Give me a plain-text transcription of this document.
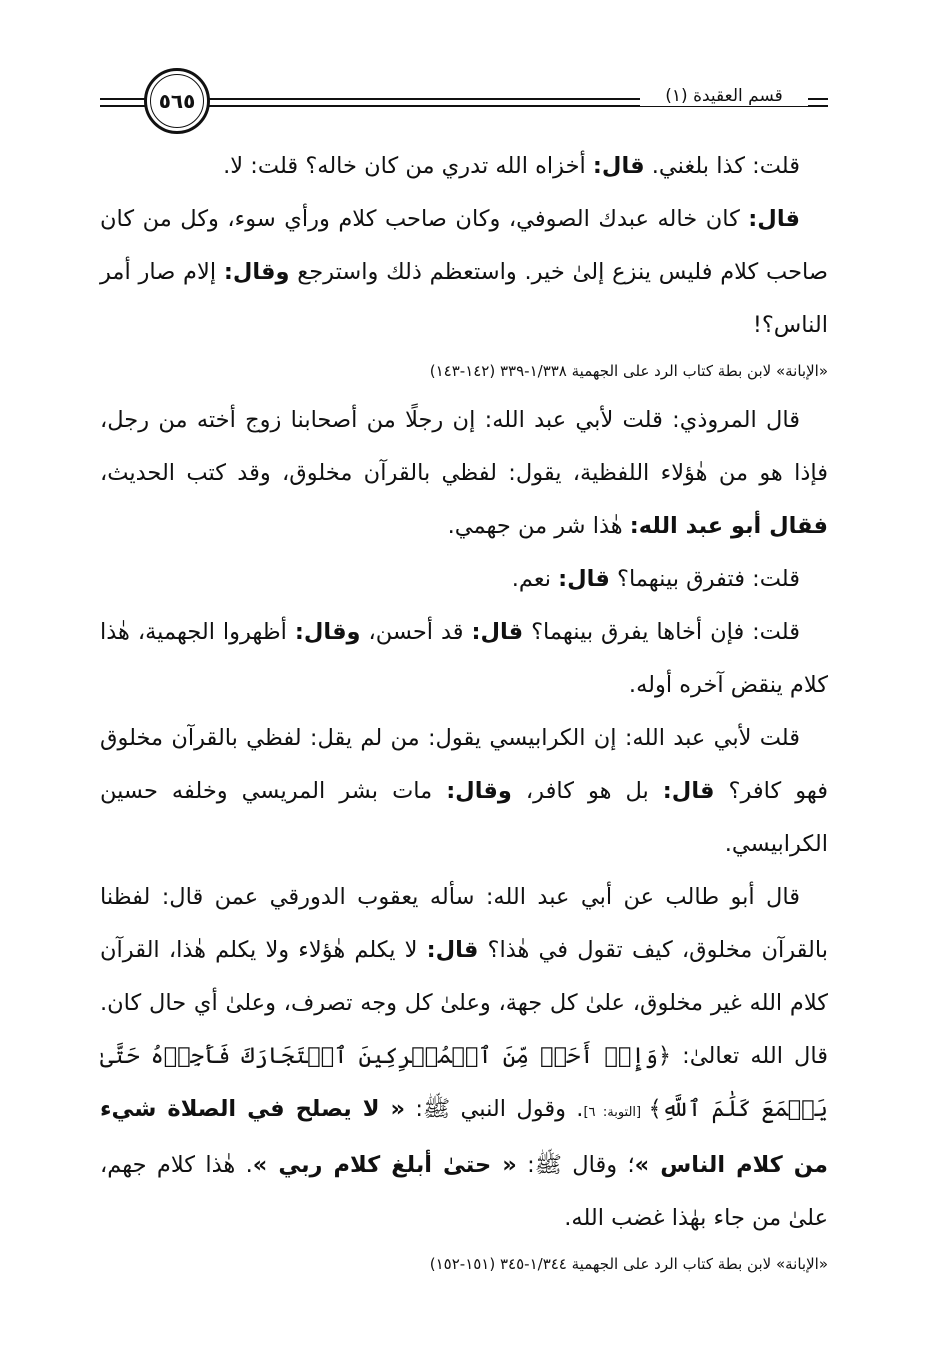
٥٦٥	قسم العقيدة (١)

قلت: كذا بلغني. قال: أخزاه الله تدري من كان خاله؟ قلت: لا.

قال: كان خاله عبدك الصوفي، وكان صاحب كلام ورأي سوء، وكل من كان صاحب كلام فليس ينزع إلىٰ خير. واستعظم ذلك واسترجع وقال: إلام صار أمر الناس؟!

«الإبانة» لابن بطة كتاب الرد على الجهمية ١/٣٣٨-٣٣٩ (١٤٢-١٤٣)

قال المروذي: قلت لأبي عبد الله: إن رجلًا من أصحابنا زوج أخته من رجل، فإذا هو من هٰؤلاء اللفظية، يقول: لفظي بالقرآن مخلوق، وقد كتب الحديث، فقال أبو عبد الله: هٰذا شر من جهمي.

قلت: فتفرق بينهما؟ قال: نعم.

قلت: فإن أخاها يفرق بينهما؟ قال: قد أحسن، وقال: أظهروا الجهمية، هٰذا كلام ينقض آخره أوله.

قلت لأبي عبد الله: إن الكرابيسي يقول: من لم يقل: لفظي بالقرآن مخلوق فهو كافر؟ قال: بل هو كافر، وقال: مات بشر المريسي وخلفه حسين الكرابيسي.

قال أبو طالب عن أبي عبد الله: سأله يعقوب الدورقي عمن قال: لفظنا بالقرآن مخلوق، كيف تقول في هٰذا؟ قال: لا يكلم هٰؤلاء ولا يكلم هٰذا، القرآن كلام الله غير مخلوق، علىٰ كل جهة، وعلىٰ كل وجه تصرف، وعلىٰ أي حال كان. قال الله تعالىٰ: ﴿وَإِنۡ أَحَدٞ مِّنَ ٱلۡمُشۡرِكِينَ ٱسۡتَجَارَكَ فَأَجِرۡهُ حَتَّىٰ يَسۡمَعَ كَلَٰمَ ٱللَّهِ﴾ [التوبة: ٦]. وقول النبي ﷺ: « لا يصلح في الصلاة شيء من كلام الناس »؛ وقال ﷺ: « حتىٰ أبلغ كلام ربي ». هٰذا كلام جهم، علىٰ من جاء بهٰذا غضب الله.

«الإبانة» لابن بطة كتاب الرد على الجهمية ١/٣٤٤-٣٤٥ (١٥١-١٥٢)
